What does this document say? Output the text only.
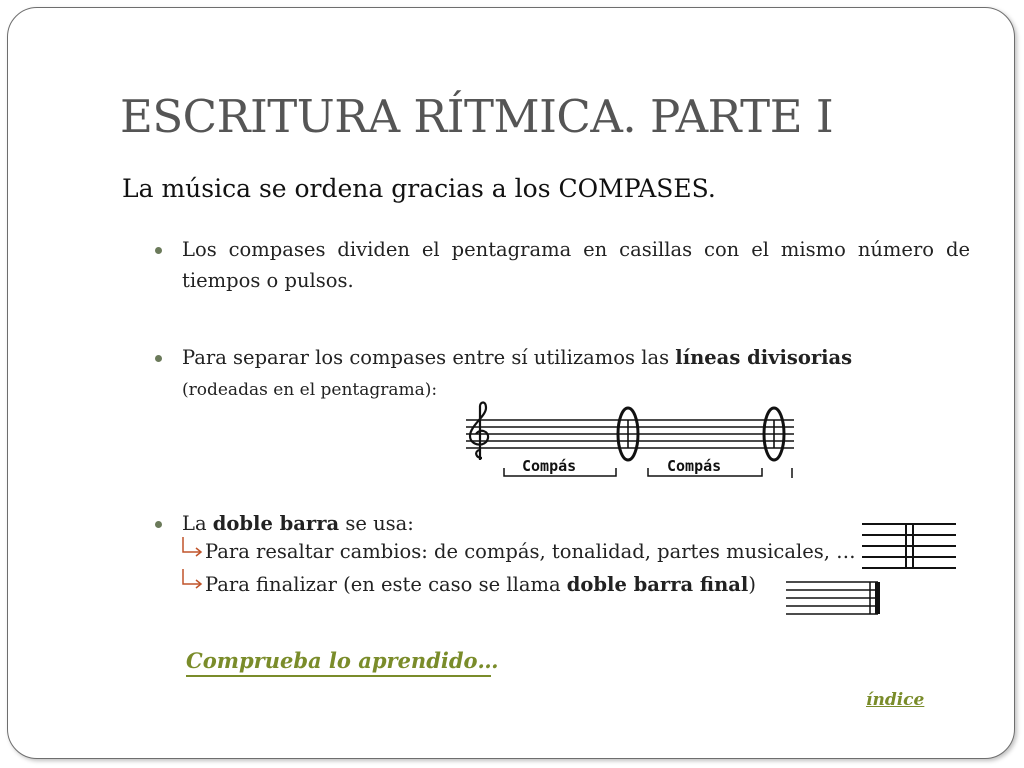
ESCRITURA RÍTMICA. PARTE I
La música se ordena gracias a los COMPASES.
Los compases dividen el pentagrama en casillas con el mismo número de tiempos o pulsos.
Para separar los compases entre sí utilizamos las líneas divisorias
(rodeadas en el pentagrama):
Compás	Compás
La doble barra se usa:
Para resaltar cambios: de compás, tonalidad, partes musicales, …
Para finalizar (en este caso se llama doble barra final)
Comprueba lo aprendido…
índice
